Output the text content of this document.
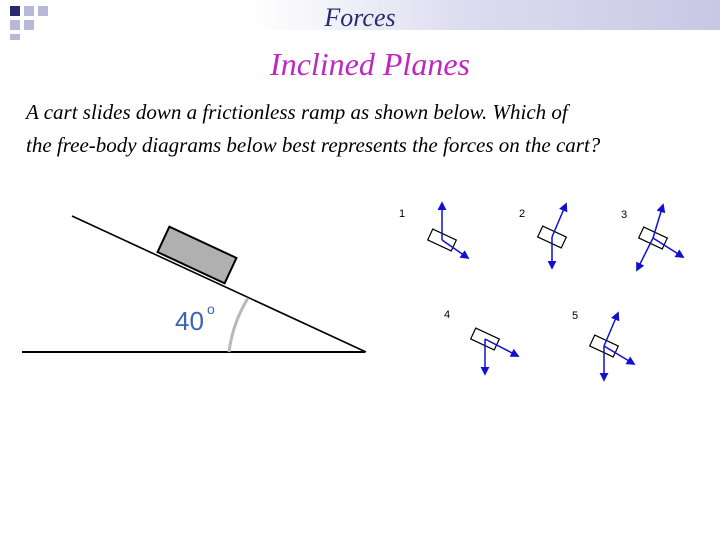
Forces
Inclined Planes
A cart slides down a frictionless ramp as shown below. Which of
the free-body diagrams below best represents the forces on the cart?
40 o
1	2	3
4	5
